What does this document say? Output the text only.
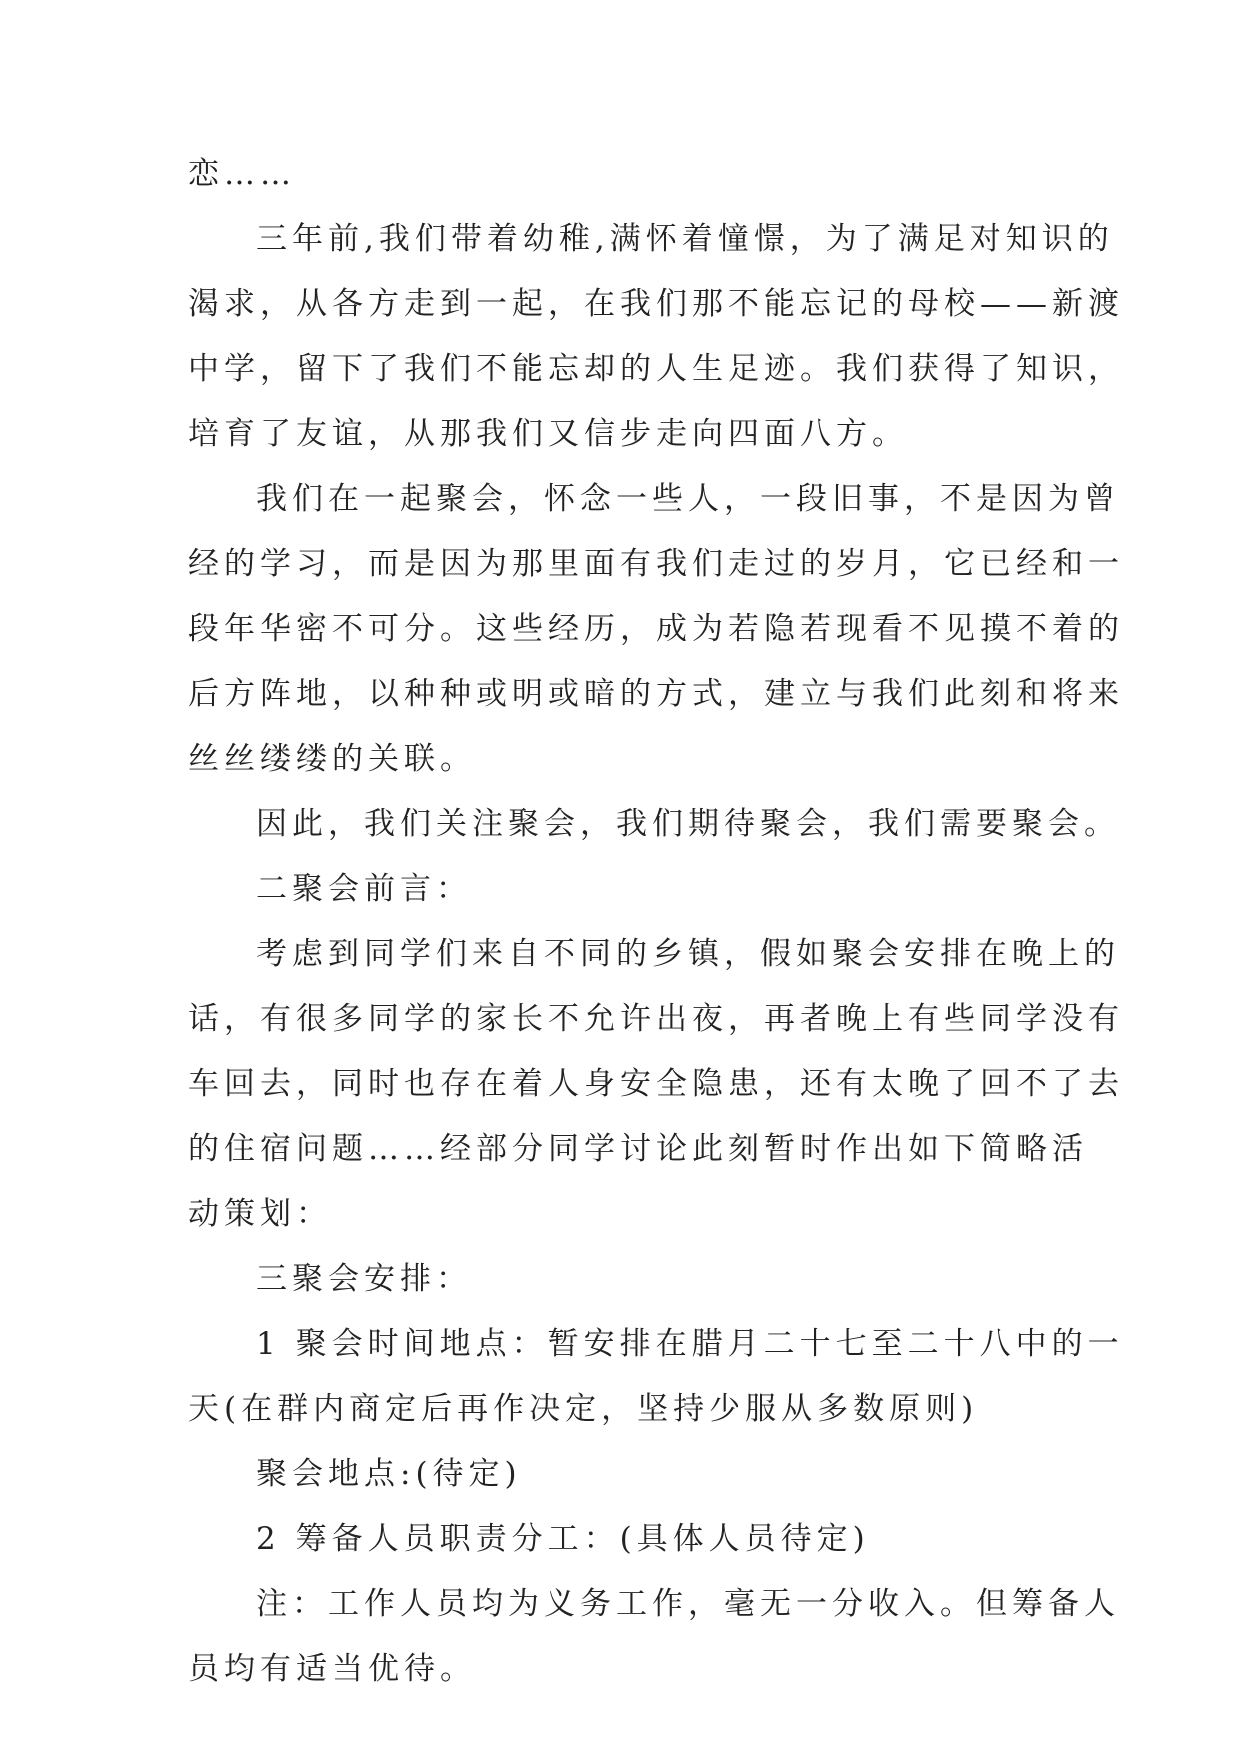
恋……
三年前,我们带着幼稚,满怀着憧憬，为了满足对知识的
渴求，从各方走到一起，在我们那不能忘记的母校——新渡
中学，留下了我们不能忘却的人生足迹。我们获得了知识，
培育了友谊，从那我们又信步走向四面八方。
我们在一起聚会，怀念一些人，一段旧事，不是因为曾
经的学习，而是因为那里面有我们走过的岁月，它已经和一
段年华密不可分。这些经历，成为若隐若现看不见摸不着的
后方阵地，以种种或明或暗的方式，建立与我们此刻和将来
丝丝缕缕的关联。
因此，我们关注聚会，我们期待聚会，我们需要聚会。
二聚会前言：
考虑到同学们来自不同的乡镇，假如聚会安排在晚上的
话，有很多同学的家长不允许出夜，再者晚上有些同学没有
车回去，同时也存在着人身安全隐患，还有太晚了回不了去
的住宿问题……经部分同学讨论此刻暂时作出如下简略活
动策划：
三聚会安排：
1 聚会时间地点：暂安排在腊月二十七至二十八中的一
天(在群内商定后再作决定，坚持少服从多数原则)
聚会地点:(待定)
2 筹备人员职责分工：(具体人员待定)
注：工作人员均为义务工作，毫无一分收入。但筹备人
员均有适当优待。
